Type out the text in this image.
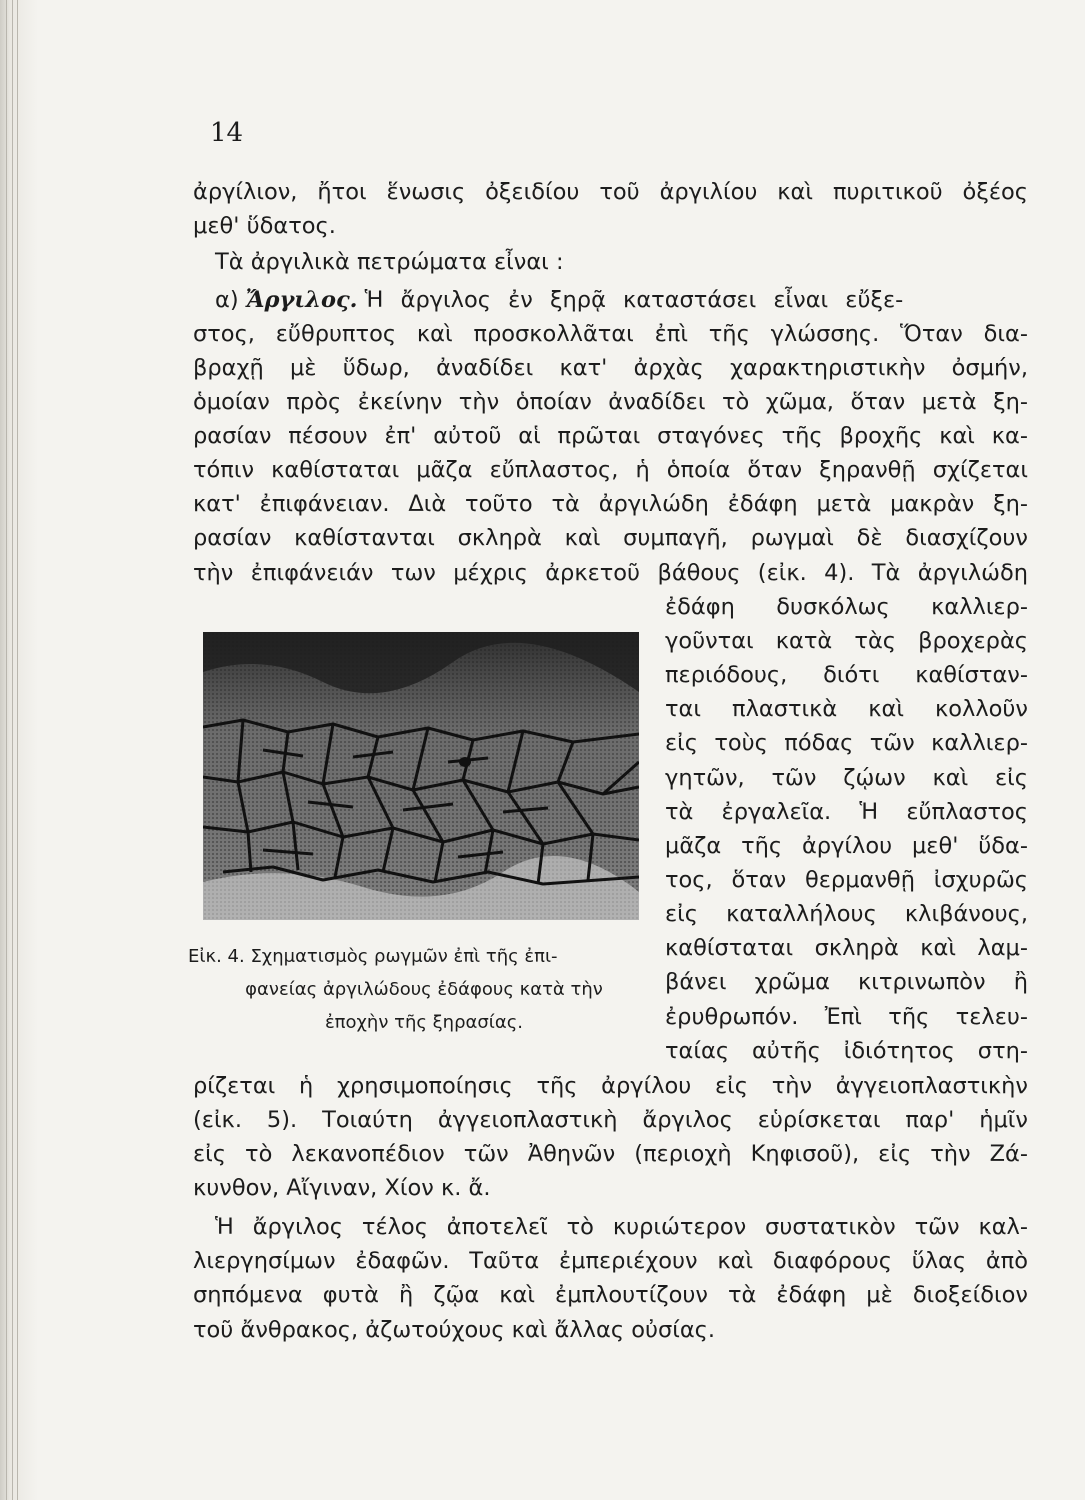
14
ἀργίλιον, ἤτοι ἕνωσις ὀξειδίου τοῦ ἀργιλίου καὶ πυριτικοῦ ὀξέος
μεθ' ὕδατος.
Τὰ ἀργιλικὰ πετρώματα εἶναι :
α) Ἄργιλος. Ἡ ἄργιλος ἐν ξηρᾷ καταστάσει εἶναι εὔξε-
στος, εὔθρυπτος καὶ προσκολλᾶται ἐπὶ τῆς γλώσσης. Ὅταν δια-
βραχῇ μὲ ὕδωρ, ἀναδίδει κατ' ἀρχὰς χαρακτηριστικὴν ὀσμήν,
ὁμοίαν πρὸς ἐκείνην τὴν ὁποίαν ἀναδίδει τὸ χῶμα, ὅταν μετὰ ξη-
ρασίαν πέσουν ἐπ' αὐτοῦ αἱ πρῶται σταγόνες τῆς βροχῆς καὶ κα-
τόπιν καθίσταται μᾶζα εὔπλαστος, ἡ ὁποία ὅταν ξηρανθῇ σχίζεται
κατ' ἐπιφάνειαν. Διὰ τοῦτο τὰ ἀργιλώδη ἐδάφη μετὰ μακρὰν ξη-
ρασίαν καθίστανται σκληρὰ καὶ συμπαγῆ, ρωγμαὶ δὲ διασχίζουν
τὴν ἐπιφάνειάν των μέχρις ἀρκετοῦ βάθους (εἰκ. 4). Τὰ ἀργιλώδη
ἐδάφη δυσκόλως καλλιερ-
γοῦνται κατὰ τὰς βροχερὰς
περιόδους, διότι καθίσταν-
ται πλαστικὰ καὶ κολλοῦν
εἰς τοὺς πόδας τῶν καλλιερ-
γητῶν, τῶν ζῴων καὶ εἰς
τὰ ἐργαλεῖα. Ἡ εὔπλαστος
μᾶζα τῆς ἀργίλου μεθ' ὕδα-
τος, ὅταν θερμανθῇ ἰσχυρῶς
εἰς καταλλήλους κλιβάνους,
καθίσταται σκληρὰ καὶ λαμ-
βάνει χρῶμα κιτρινωπὸν ἢ
ἐρυθρωπόν. Ἐπὶ τῆς τελευ-
ταίας αὐτῆς ἰδιότητος στη-
Εἰκ. 4. Σχηματισμὸς ρωγμῶν ἐπὶ τῆς ἐπι-
φανείας ἀργιλώδους ἐδάφους κατὰ τὴν
ἐποχὴν τῆς ξηρασίας.
ρίζεται ἡ χρησιμοποίησις τῆς ἀργίλου εἰς τὴν ἀγγειοπλαστικὴν
(εἰκ. 5). Τοιαύτη ἀγγειοπλαστικὴ ἄργιλος εὑρίσκεται παρ' ἡμῖν
εἰς τὸ λεκανοπέδιον τῶν Ἀθηνῶν (περιοχὴ Κηφισοῦ), εἰς τὴν Ζά-
κυνθον, Αἴγιναν, Χίον κ. ἄ.
Ἡ ἄργιλος τέλος ἀποτελεῖ τὸ κυριώτερον συστατικὸν τῶν καλ-
λιεργησίμων ἐδαφῶν. Ταῦτα ἐμπεριέχουν καὶ διαφόρους ὕλας ἀπὸ
σηπόμενα φυτὰ ἢ ζῷα καὶ ἐμπλουτίζουν τὰ ἐδάφη μὲ διοξείδιον
τοῦ ἄνθρακος, ἀζωτούχους καὶ ἄλλας οὐσίας.
